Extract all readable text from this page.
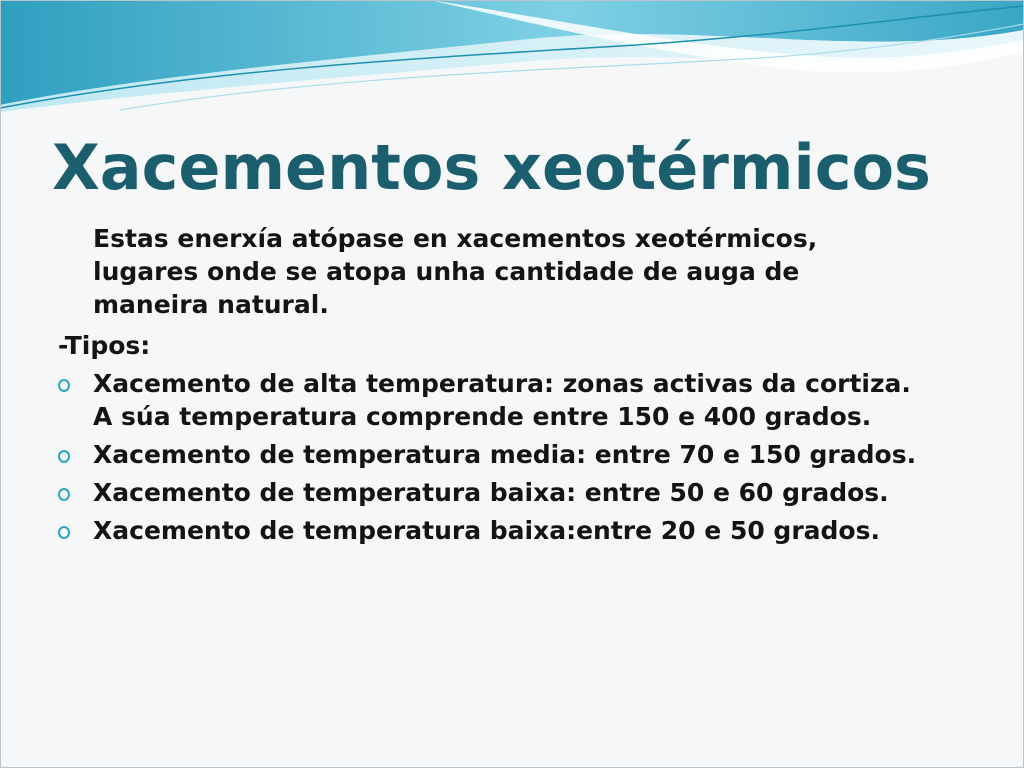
Xacementos xeotérmicos

Estas enerxía atópase en xacementos xeotérmicos,
lugares onde se atopa unha cantidade de auga de
maneira natural.

-Tipos:

Xacemento de alta temperatura: zonas activas da cortiza.
A súa temperatura comprende entre 150 e 400 grados.
Xacemento de temperatura media: entre 70 e 150 grados.
Xacemento de temperatura baixa: entre 50 e 60 grados.
Xacemento de temperatura baixa:entre 20 e 50 grados.
